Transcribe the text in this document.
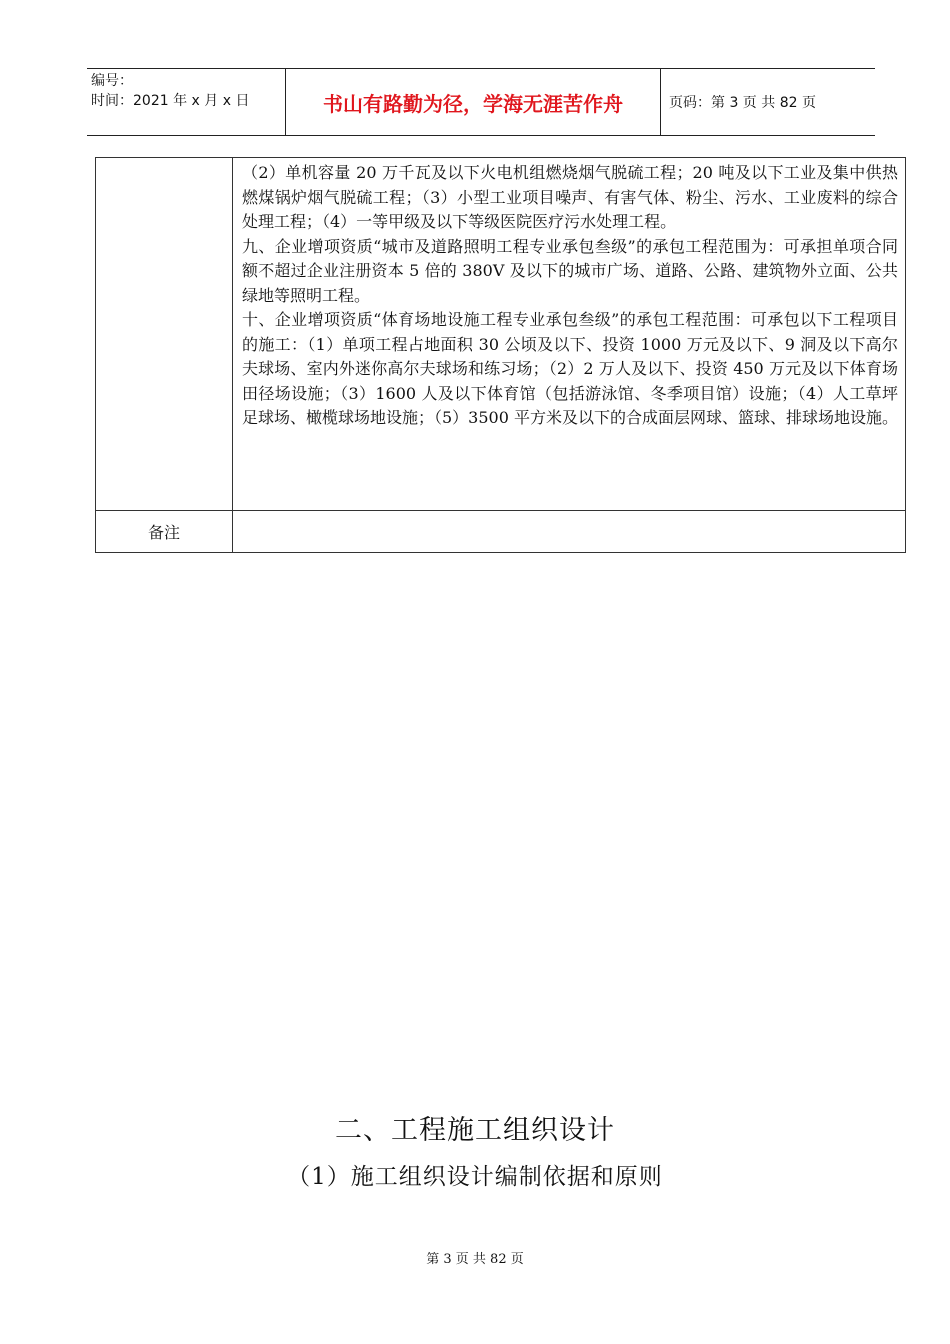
编号：
时间：2021 年 x 月 x 日	书山有路勤为径，学海无涯苦作舟	页码：第 3 页 共 82 页

（2）单机容量 20 万千瓦及以下火电机组燃烧烟气脱硫工程；20 吨及以下工业及集中供热燃煤锅炉烟气脱硫工程；（3）小型工业项目噪声、有害气体、粉尘、污水、工业废料的综合处理工程；（4）一等甲级及以下等级医院医疗污水处理工程。

九、企业增项资质“城市及道路照明工程专业承包叁级”的承包工程范围为：可承担单项合同额不超过企业注册资本 5 倍的 380V 及以下的城市广场、道路、公路、建筑物外立面、公共绿地等照明工程。

十、企业增项资质“体育场地设施工程专业承包叁级”的承包工程范围：可承包以下工程项目的施工：（1）单项工程占地面积 30 公顷及以下、投资 1000 万元及以下、9 洞及以下高尔夫球场、室内外迷你高尔夫球场和练习场；（2）2 万人及以下、投资 450 万元及以下体育场田径场设施；（3）1600 人及以下体育馆（包括游泳馆、冬季项目馆）设施；（4）人工草坪足球场、橄榄球场地设施；（5）3500 平方米及以下的合成面层网球、篮球、排球场地设施。

备注
二、工程施工组织设计
（1）施工组织设计编制依据和原则
第 3 页 共 82 页
